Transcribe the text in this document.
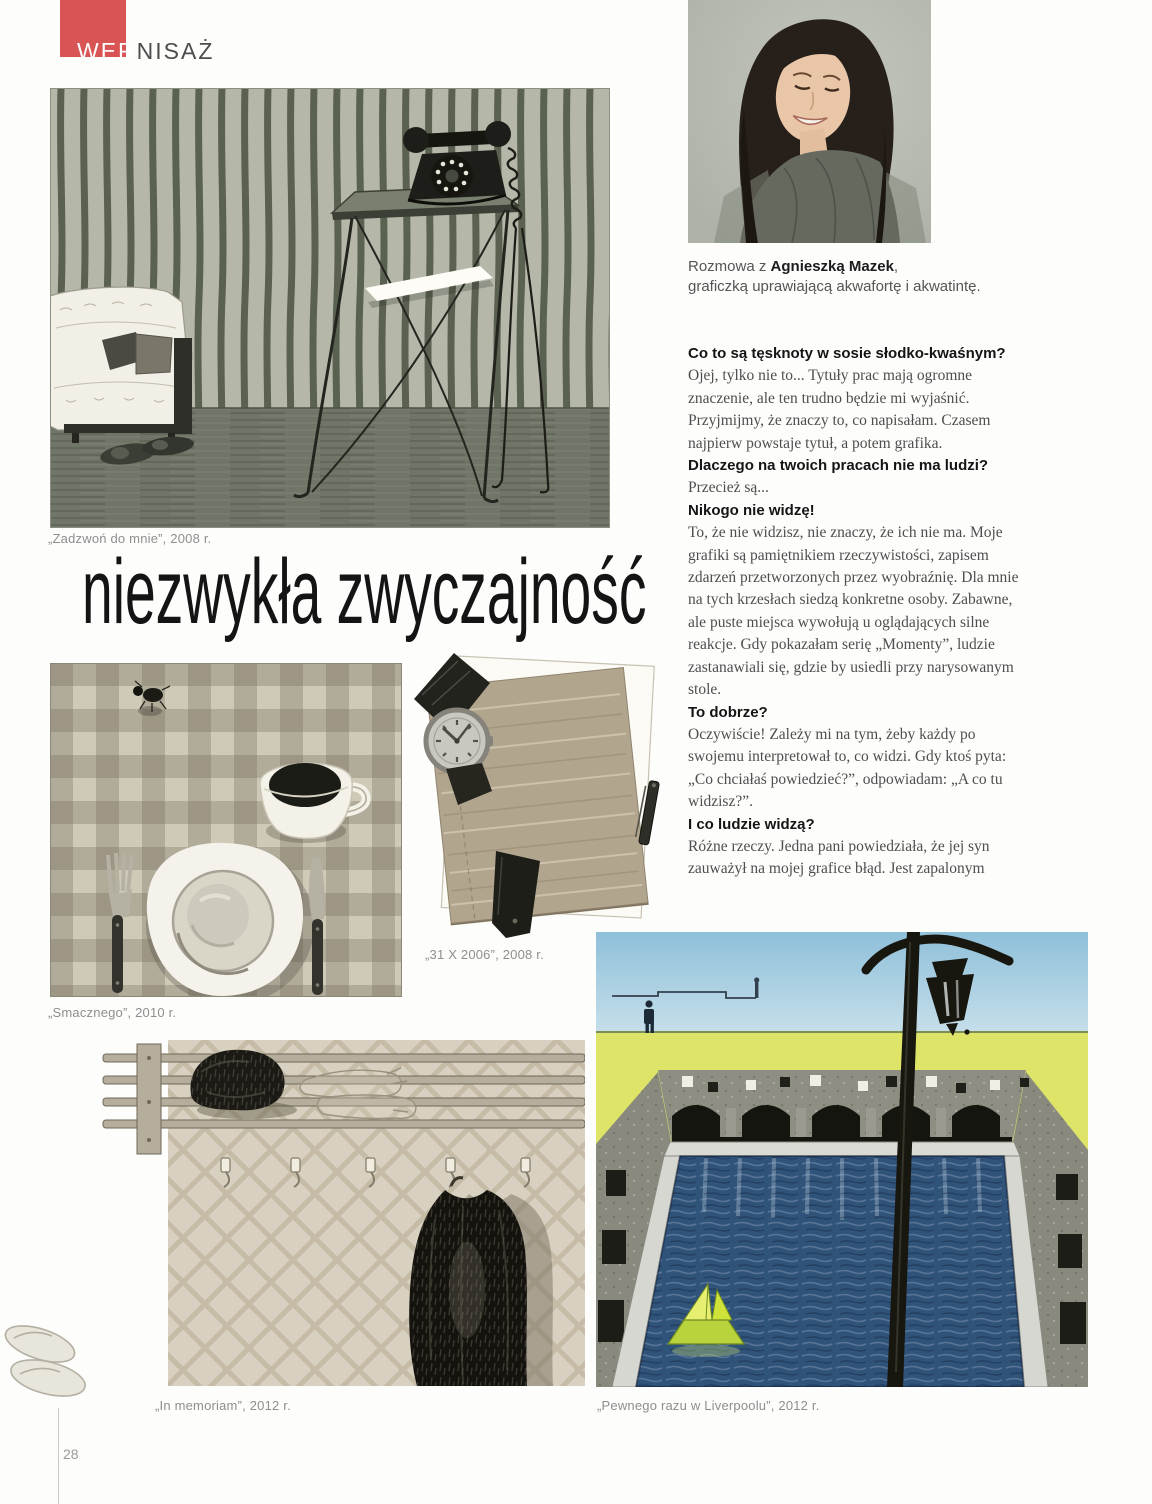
WERNISAŻ
„Zadzwoń do mnie”, 2008 r.
Rozmowa z Agnieszką Mazek,
graficzką uprawiającą akwafortę i akwatintę.

Co to są tęsknoty w sosie słodko-kwaśnym?

Ojej, tylko nie to... Tytuły prac mają ogromne znaczenie, ale ten trudno będzie mi wyjaśnić. Przyjmijmy, że znaczy to, co napisałam. Czasem najpierw powstaje tytuł, a potem grafika.

Dlaczego na twoich pracach nie ma ludzi?

Przecież są...

Nikogo nie widzę!

To, że nie widzisz, nie znaczy, że ich nie ma. Moje grafiki są pamiętnikiem rzeczywistości, zapisem zdarzeń przetworzonych przez wyobraźnię. Dla mnie na tych krzesłach siedzą konkretne osoby. Zabawne, ale puste miejsca wywołują u oglądających silne reakcje. Gdy pokazałam serię „Momenty”, ludzie zastanawiali się, gdzie by usiedli przy narysowanym stole.

To dobrze?

Oczywiście! Zależy mi na tym, żeby każdy po swojemu interpretował to, co widzi. Gdy ktoś pyta: „Co chciałaś powiedzieć?”, odpowiadam: „A co tu widzisz?”.

I co ludzie widzą?

Różne rzeczy. Jedna pani powiedziała, że jej syn zauważył na mojej grafice błąd. Jest zapalonym

niezwykła zwyczajność
„Smacznego”, 2010 r.
„31 X 2006”, 2008 r.
„In memoriam”, 2012 r.	„Pewnego razu w Liverpoolu”, 2012 r.
28
